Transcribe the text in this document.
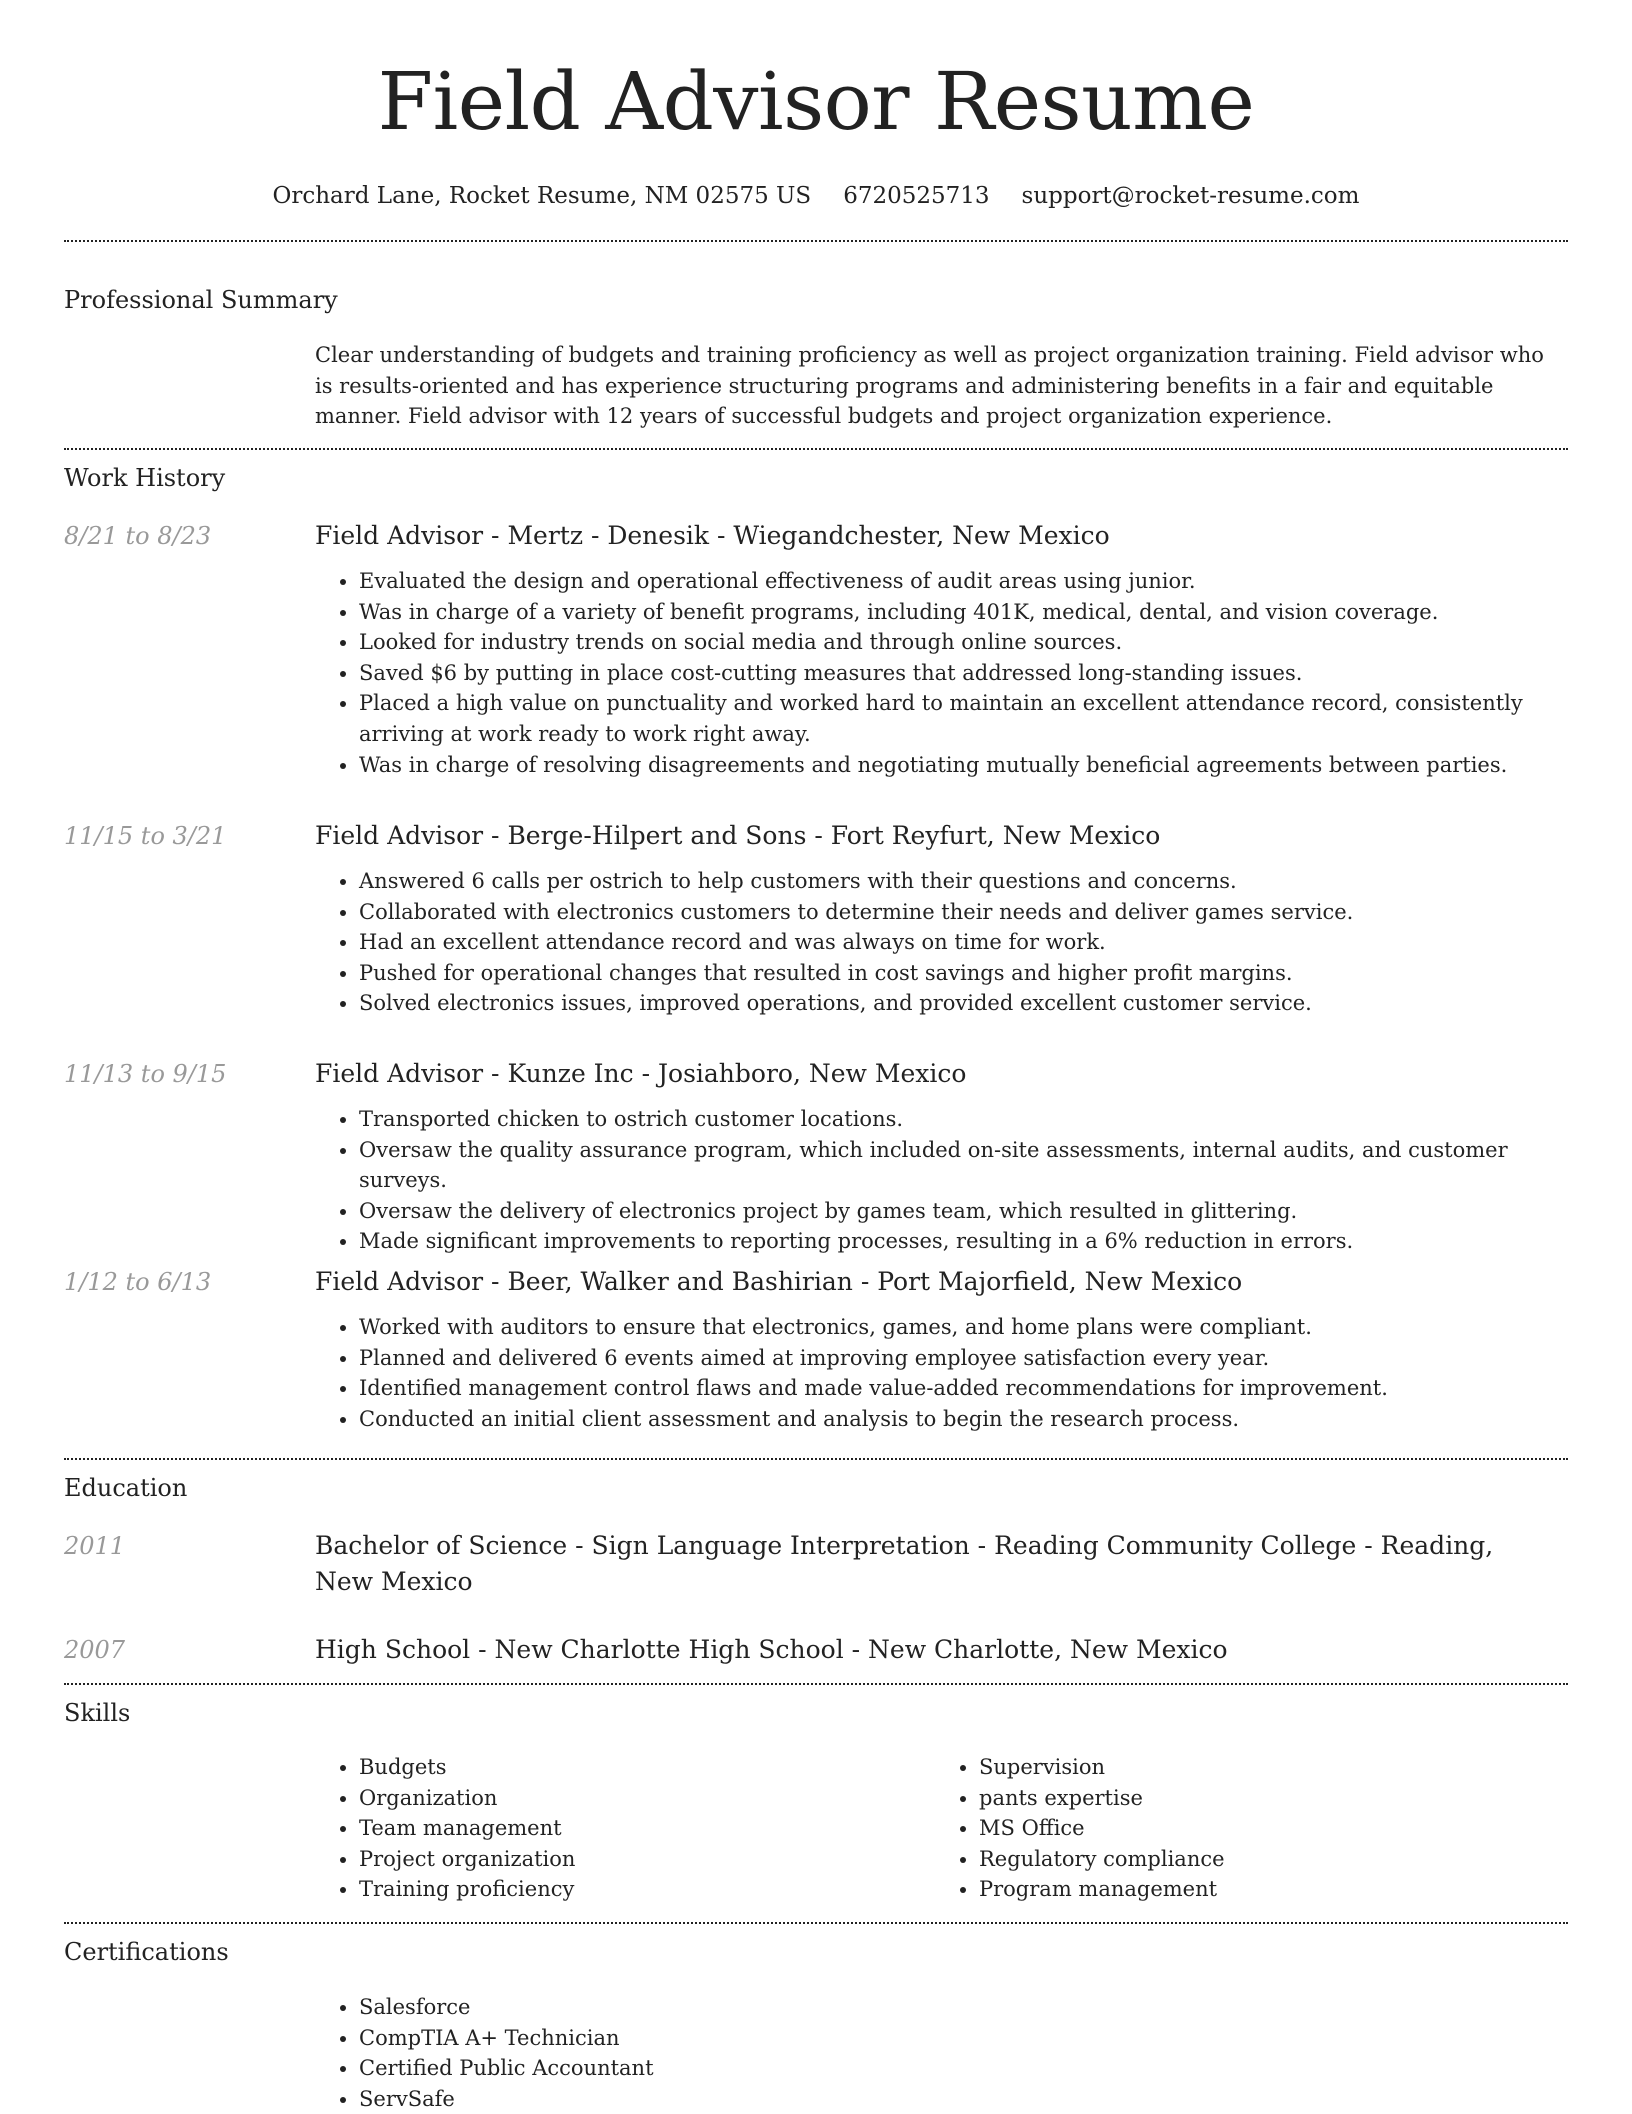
Field Advisor Resume
Orchard Lane, Rocket Resume, NM 02575 US 6720525713 support@rocket-resume.com
Professional Summary
Clear understanding of budgets and training proficiency as well as project organization training. Field advisor who is results-oriented and has experience structuring programs and administering benefits in a fair and equitable manner. Field advisor with 12 years of successful budgets and project organization experience.
Work History
8/21 to 8/23	Field Advisor - Mertz - Denesik - Wiegandchester, New Mexico
• Evaluated the design and operational effectiveness of audit areas using junior.
• Was in charge of a variety of benefit programs, including 401K, medical, dental, and vision coverage.
• Looked for industry trends on social media and through online sources.
• Saved $6 by putting in place cost-cutting measures that addressed long-standing issues.
• Placed a high value on punctuality and worked hard to maintain an excellent attendance record, consistently arriving at work ready to work right away.
• Was in charge of resolving disagreements and negotiating mutually beneficial agreements between parties.
11/15 to 3/21	Field Advisor - Berge-Hilpert and Sons - Fort Reyfurt, New Mexico
• Answered 6 calls per ostrich to help customers with their questions and concerns.
• Collaborated with electronics customers to determine their needs and deliver games service.
• Had an excellent attendance record and was always on time for work.
• Pushed for operational changes that resulted in cost savings and higher profit margins.
• Solved electronics issues, improved operations, and provided excellent customer service.
11/13 to 9/15	Field Advisor - Kunze Inc - Josiahboro, New Mexico
• Transported chicken to ostrich customer locations.
• Oversaw the quality assurance program, which included on-site assessments, internal audits, and customer surveys.
• Oversaw the delivery of electronics project by games team, which resulted in glittering.
• Made significant improvements to reporting processes, resulting in a 6% reduction in errors.
1/12 to 6/13	Field Advisor - Beer, Walker and Bashirian - Port Majorfield, New Mexico
• Worked with auditors to ensure that electronics, games, and home plans were compliant.
• Planned and delivered 6 events aimed at improving employee satisfaction every year.
• Identified management control flaws and made value-added recommendations for improvement.
• Conducted an initial client assessment and analysis to begin the research process.
Education
2011	Bachelor of Science - Sign Language Interpretation - Reading Community College - Reading, New Mexico
2007	High School - New Charlotte High School - New Charlotte, New Mexico
Skills
• Budgets
• Organization
• Team management
• Project organization
• Training proficiency
• Supervision
• pants expertise
• MS Office
• Regulatory compliance
• Program management
Certifications
• Salesforce
• CompTIA A+ Technician
• Certified Public Accountant
• ServSafe
